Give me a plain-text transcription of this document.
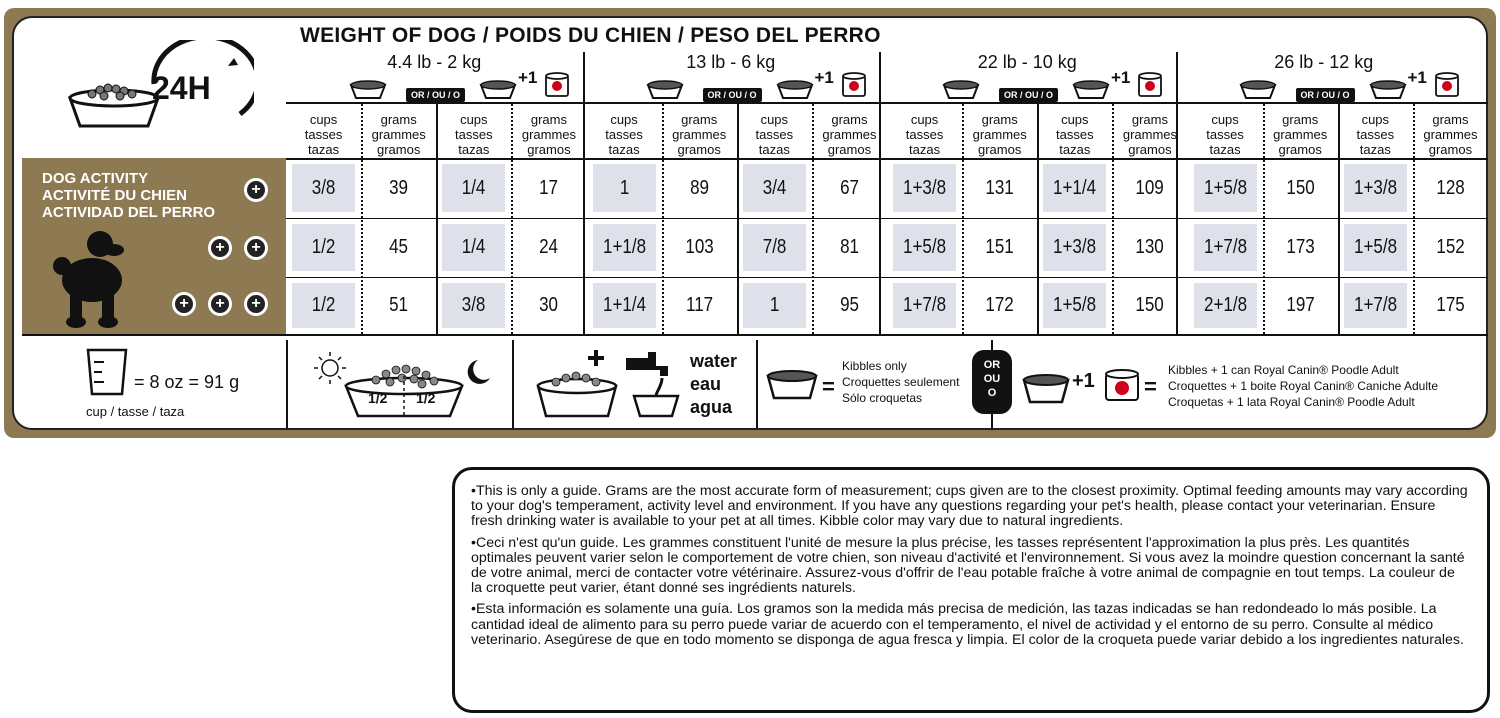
WEIGHT OF DOG / POIDS DU CHIEN / PESO DEL PERRO
24H
4.4 lb - 2 kg
OR / OU / O
+1
13 lb - 6 kg
OR / OU / O
+1
22 lb - 10 kg
OR / OU / O
+1
26 lb - 12 kg
OR / OU / O
+1
cups
tasses
tazas
grams
grammes
gramos
cups
tasses
tazas
grams
grammes
gramos
cups
tasses
tazas
grams
grammes
gramos
cups
tasses
tazas
grams
grammes
gramos
cups
tasses
tazas
grams
grammes
gramos
cups
tasses
tazas
grams
grammes
gramos
cups
tasses
tazas
grams
grammes
gramos
cups
tasses
tazas
grams
grammes
gramos
3/8	39	1/4	17	1	89	3/4	67	1+3/8	131	1+1/4	109	1+5/8	150	1+3/8	128
1/2	45	1/4	24	1+1/8	103	7/8	81	1+5/8	151	1+3/8	130	1+7/8	173	1+5/8	152
1/2	51	3/8	30	1+1/4	117	1	95	1+7/8	172	1+5/8	150	2+1/8	197	1+7/8	175
DOG ACTIVITY
ACTIVITÉ DU CHIEN
ACTIVIDAD DEL PERRO
+
+ +
+ + +
= 8 oz = 91 g
cup / tasse / taza
1/2 1/2
water
eau
agua
=
Kibbles only
Croquettes seulement
Sólo croquetas
OR
OU
O
+1 =
Kibbles + 1 can Royal Canin® Poodle Adult
Croquettes + 1 boite Royal Canin® Caniche Adulte
Croquetas + 1 lata Royal Canin® Poodle Adult

•This is only a guide. Grams are the most accurate form of measurement; cups given are to the closest proximity. Optimal feeding amounts may vary according to your dog's temperament, activity level and environment. If you have any questions regarding your pet's health, please contact your veterinarian. Ensure fresh drinking water is available to your pet at all times. Kibble color may vary due to natural ingredients.

•Ceci n'est qu'un guide. Les grammes constituent l'unité de mesure la plus précise, les tasses représentent l'approximation la plus près. Les quantités optimales peuvent varier selon le comportement de votre chien, son niveau d'activité et l'environnement. Si vous avez la moindre question concernant la santé de votre animal, merci de contacter votre vétérinaire. Assurez-vous d'offrir de l'eau potable fraîche à votre animal de compagnie en tout temps. La couleur de la croquette peut varier, étant donné ses ingrédients naturels.

•Esta información es solamente una guía. Los gramos son la medida más precisa de medición, las tazas indicadas se han redondeado lo más posible. La cantidad ideal de alimento para su perro puede variar de acuerdo con el temperamento, el nivel de actividad y el entorno de su perro. Consulte al médico veterinario. Asegúrese de que en todo momento se disponga de agua fresca y limpia. El color de la croqueta puede variar debido a los ingredientes naturales.
